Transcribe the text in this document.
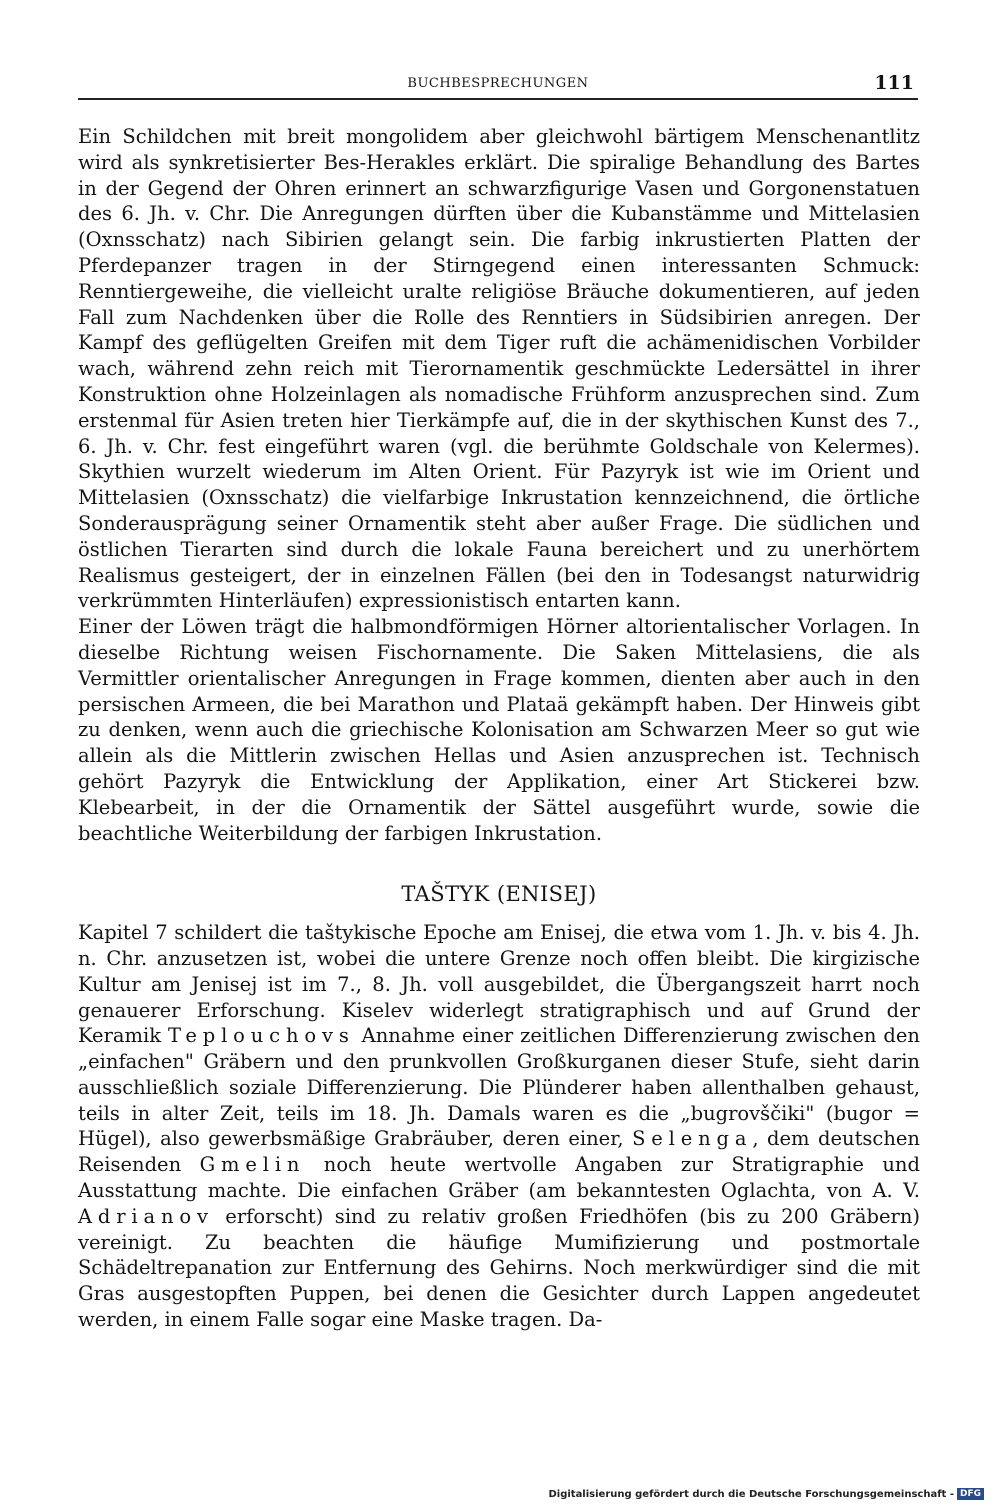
BUCHBESPRECHUNGEN	111

Ein Schildchen mit breit mongolidem aber gleichwohl bärtigem Menschenantlitz wird als synkretisierter Bes-Herakles erklärt. Die spiralige Behandlung des Bartes in der Gegend der Ohren erinnert an schwarzfigurige Vasen und Gorgonenstatuen des 6. Jh. v. Chr. Die Anregungen dürften über die Kubanstämme und Mittelasien (Oxnsschatz) nach Sibirien gelangt sein. Die farbig inkrustierten Platten der Pferdepanzer tragen in der Stirngegend einen interessanten Schmuck: Renntiergeweihe, die vielleicht uralte religiöse Bräuche dokumentieren, auf jeden Fall zum Nachdenken über die Rolle des Renntiers in Südsibirien anregen. Der Kampf des geflügelten Greifen mit dem Tiger ruft die achämenidischen Vorbilder wach, während zehn reich mit Tierornamentik geschmückte Ledersättel in ihrer Konstruktion ohne Holzeinlagen als nomadische Frühform anzusprechen sind. Zum erstenmal für Asien treten hier Tierkämpfe auf, die in der skythischen Kunst des 7., 6. Jh. v. Chr. fest eingeführt waren (vgl. die berühmte Goldschale von Kelermes). Skythien wurzelt wiederum im Alten Orient. Für Pazyryk ist wie im Orient und Mittelasien (Oxnsschatz) die vielfarbige Inkrustation kennzeichnend, die örtliche Sonderausprägung seiner Ornamentik steht aber außer Frage. Die südlichen und östlichen Tierarten sind durch die lokale Fauna bereichert und zu unerhörtem Realismus gesteigert, der in einzelnen Fällen (bei den in Todesangst naturwidrig verkrümmten Hinterläufen) expressionistisch entarten kann.

Einer der Löwen trägt die halbmondförmigen Hörner altorientalischer Vorlagen. In dieselbe Richtung weisen Fischornamente. Die Saken Mittelasiens, die als Vermittler orientalischer Anregungen in Frage kommen, dienten aber auch in den persischen Armeen, die bei Marathon und Plataä gekämpft haben. Der Hinweis gibt zu denken, wenn auch die griechische Kolonisation am Schwarzen Meer so gut wie allein als die Mittlerin zwischen Hellas und Asien anzusprechen ist. Technisch gehört Pazyryk die Entwicklung der Applikation, einer Art Stickerei bzw. Klebearbeit, in der die Ornamentik der Sättel ausgeführt wurde, sowie die beachtliche Weiterbildung der farbigen Inkrustation.

TAŠTYK (ENISEJ)

Kapitel 7 schildert die taštykische Epoche am Enisej, die etwa vom 1. Jh. v. bis 4. Jh. n. Chr. anzusetzen ist, wobei die untere Grenze noch offen bleibt. Die kirgizische Kultur am Jenisej ist im 7., 8. Jh. voll ausgebildet, die Übergangszeit harrt noch genauerer Erforschung. Kiselev widerlegt stratigraphisch und auf Grund der Keramik Teplouchovs Annahme einer zeitlichen Differenzierung zwischen den „einfachen" Gräbern und den prunkvollen Großkurganen dieser Stufe, sieht darin ausschließlich soziale Differenzierung. Die Plünderer haben allenthalben gehaust, teils in alter Zeit, teils im 18. Jh. Damals waren es die „bugrovščiki" (bugor = Hügel), also gewerbsmäßige Grabräuber, deren einer, Selenga, dem deutschen Reisenden Gmelin noch heute wertvolle Angaben zur Stratigraphie und Ausstattung machte. Die einfachen Gräber (am bekanntesten Oglachta, von A. V. Adrianov erforscht) sind zu relativ großen Friedhöfen (bis zu 200 Gräbern) vereinigt. Zu beachten die häufige Mumifizierung und postmortale Schädeltrepanation zur Entfernung des Gehirns. Noch merkwürdiger sind die mit Gras ausgestopften Puppen, bei denen die Gesichter durch Lappen angedeutet werden, in einem Falle sogar eine Maske tragen. Da-

Digitalisierung gefördert durch die Deutsche Forschungsgemeinschaft - DFG
